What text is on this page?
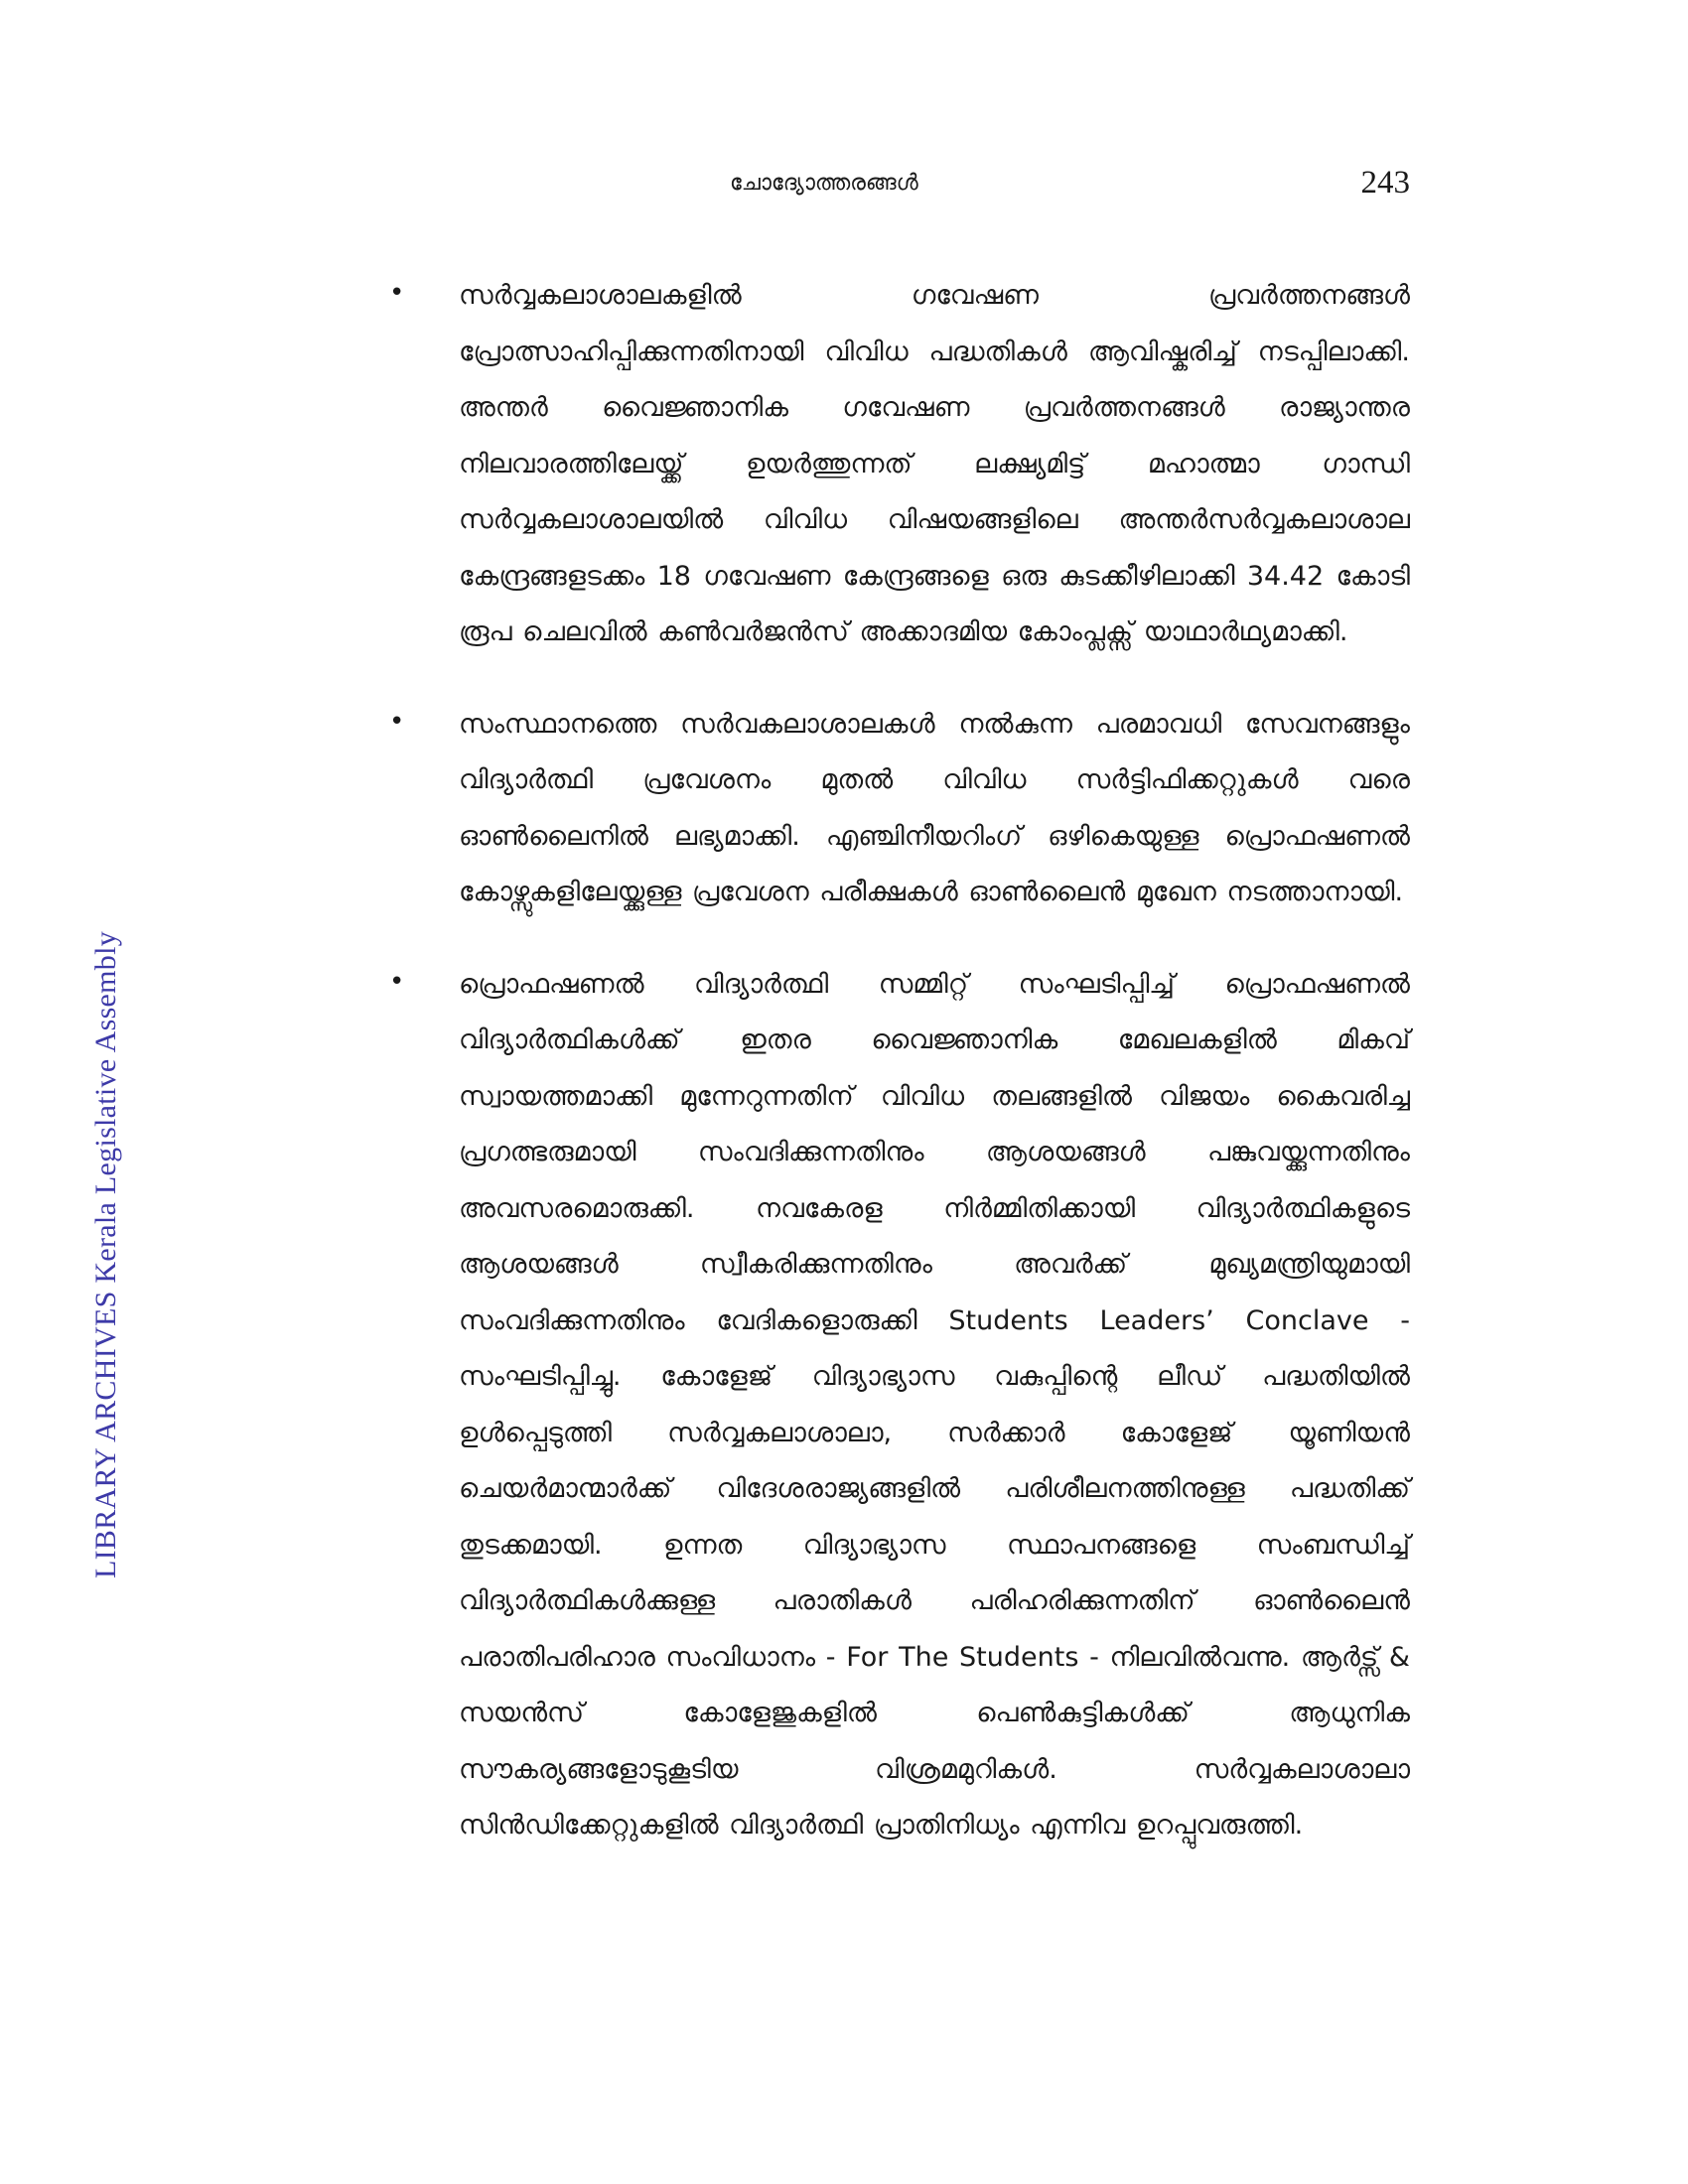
ചോദ്യോത്തരങ്ങൾ	243
LIBRARY ARCHIVES Kerala Legislative Assembly
• സർവ്വകലാശാലകളിൽ ഗവേഷണ പ്രവർത്തനങ്ങൾ പ്രോത്സാഹിപ്പിക്കുന്നതിനായി വിവിധ പദ്ധതികൾ ആവിഷ്കരിച്ച് നടപ്പിലാക്കി. അന്തർ വൈജ്ഞാനിക ഗവേഷണ പ്രവർത്തനങ്ങൾ രാജ്യാന്തര നിലവാരത്തിലേയ്ക്ക് ഉയർത്തുന്നത് ലക്ഷ്യമിട്ട് മഹാത്മാ ഗാന്ധി സർവ്വകലാശാലയിൽ വിവിധ വിഷയങ്ങളിലെ അന്തർസർവ്വകലാശാല കേന്ദ്രങ്ങളടക്കം 18 ഗവേഷണ കേന്ദ്രങ്ങളെ ഒരു കുടക്കീഴിലാക്കി 34.42 കോടി രൂപ ചെലവിൽ കൺവർജൻസ് അക്കാദമിയ കോംപ്ലക്സ് യാഥാർഥ്യമാക്കി.
• സംസ്ഥാനത്തെ സർവകലാശാലകൾ നൽകുന്ന പരമാവധി സേവനങ്ങളും വിദ്യാർത്ഥി പ്രവേശനം മുതൽ വിവിധ സർട്ടിഫിക്കറ്റുകൾ വരെ ഓൺലൈനിൽ ലഭ്യമാക്കി. എഞ്ചിനീയറിംഗ് ഒഴികെയുള്ള പ്രൊഫഷണൽ കോഴ്സുകളിലേയ്ക്കുള്ള പ്രവേശന പരീക്ഷകൾ ഓൺലൈൻ മുഖേന നടത്താനായി.
• പ്രൊഫഷണൽ വിദ്യാർത്ഥി സമ്മിറ്റ് സംഘടിപ്പിച്ച് പ്രൊഫഷണൽ വിദ്യാർത്ഥികൾക്ക് ഇതര വൈജ്ഞാനിക മേഖലകളിൽ മികവ് സ്വായത്തമാക്കി മുന്നേറുന്നതിന് വിവിധ തലങ്ങളിൽ വിജയം കൈവരിച്ച പ്രഗത്ഭരുമായി സംവദിക്കുന്നതിനും ആശയങ്ങൾ പങ്കുവയ്ക്കുന്നതിനും അവസരമൊരുക്കി. നവകേരള നിർമ്മിതിക്കായി വിദ്യാർത്ഥികളുടെ ആശയങ്ങൾ സ്വീകരിക്കുന്നതിനും അവർക്ക് മുഖ്യമന്ത്രിയുമായി സംവദിക്കുന്നതിനും വേദികളൊരുക്കി Students Leaders’ Conclave - സംഘടിപ്പിച്ചു. കോളേജ് വിദ്യാഭ്യാസ വകുപ്പിന്റെ ലീഡ് പദ്ധതിയിൽ ഉൾപ്പെടുത്തി സർവ്വകലാശാലാ, സർക്കാർ കോളേജ് യൂണിയൻ ചെയർമാന്മാർക്ക് വിദേശരാജ്യങ്ങളിൽ പരിശീലനത്തിനുള്ള പദ്ധതിക്ക് തുടക്കമായി. ഉന്നത വിദ്യാഭ്യാസ സ്ഥാപനങ്ങളെ സംബന്ധിച്ച് വിദ്യാർത്ഥികൾക്കുള്ള പരാതികൾ പരിഹരിക്കുന്നതിന് ഓൺലൈൻ പരാതിപരിഹാര സംവിധാനം - For The Students - നിലവിൽവന്നു. ആർട്സ് & സയൻസ് കോളേജുകളിൽ പെൺകുട്ടികൾക്ക് ആധുനിക സൗകര്യങ്ങളോടുകൂടിയ വിശ്രമമുറികൾ. സർവ്വകലാശാലാ സിൻഡിക്കേറ്റുകളിൽ വിദ്യാർത്ഥി പ്രാതിനിധ്യം എന്നിവ ഉറപ്പുവരുത്തി.
